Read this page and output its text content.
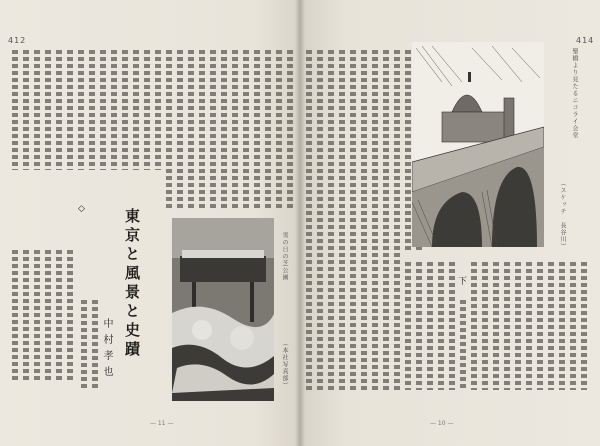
412
◇	東京と風景と史蹟
中村孝也
雪の日の芝公園
（本社写真部）
— 11 —
414
下
聖橋より見たるニコライ会堂
（スケッチ　長谷川）
— 10 —
